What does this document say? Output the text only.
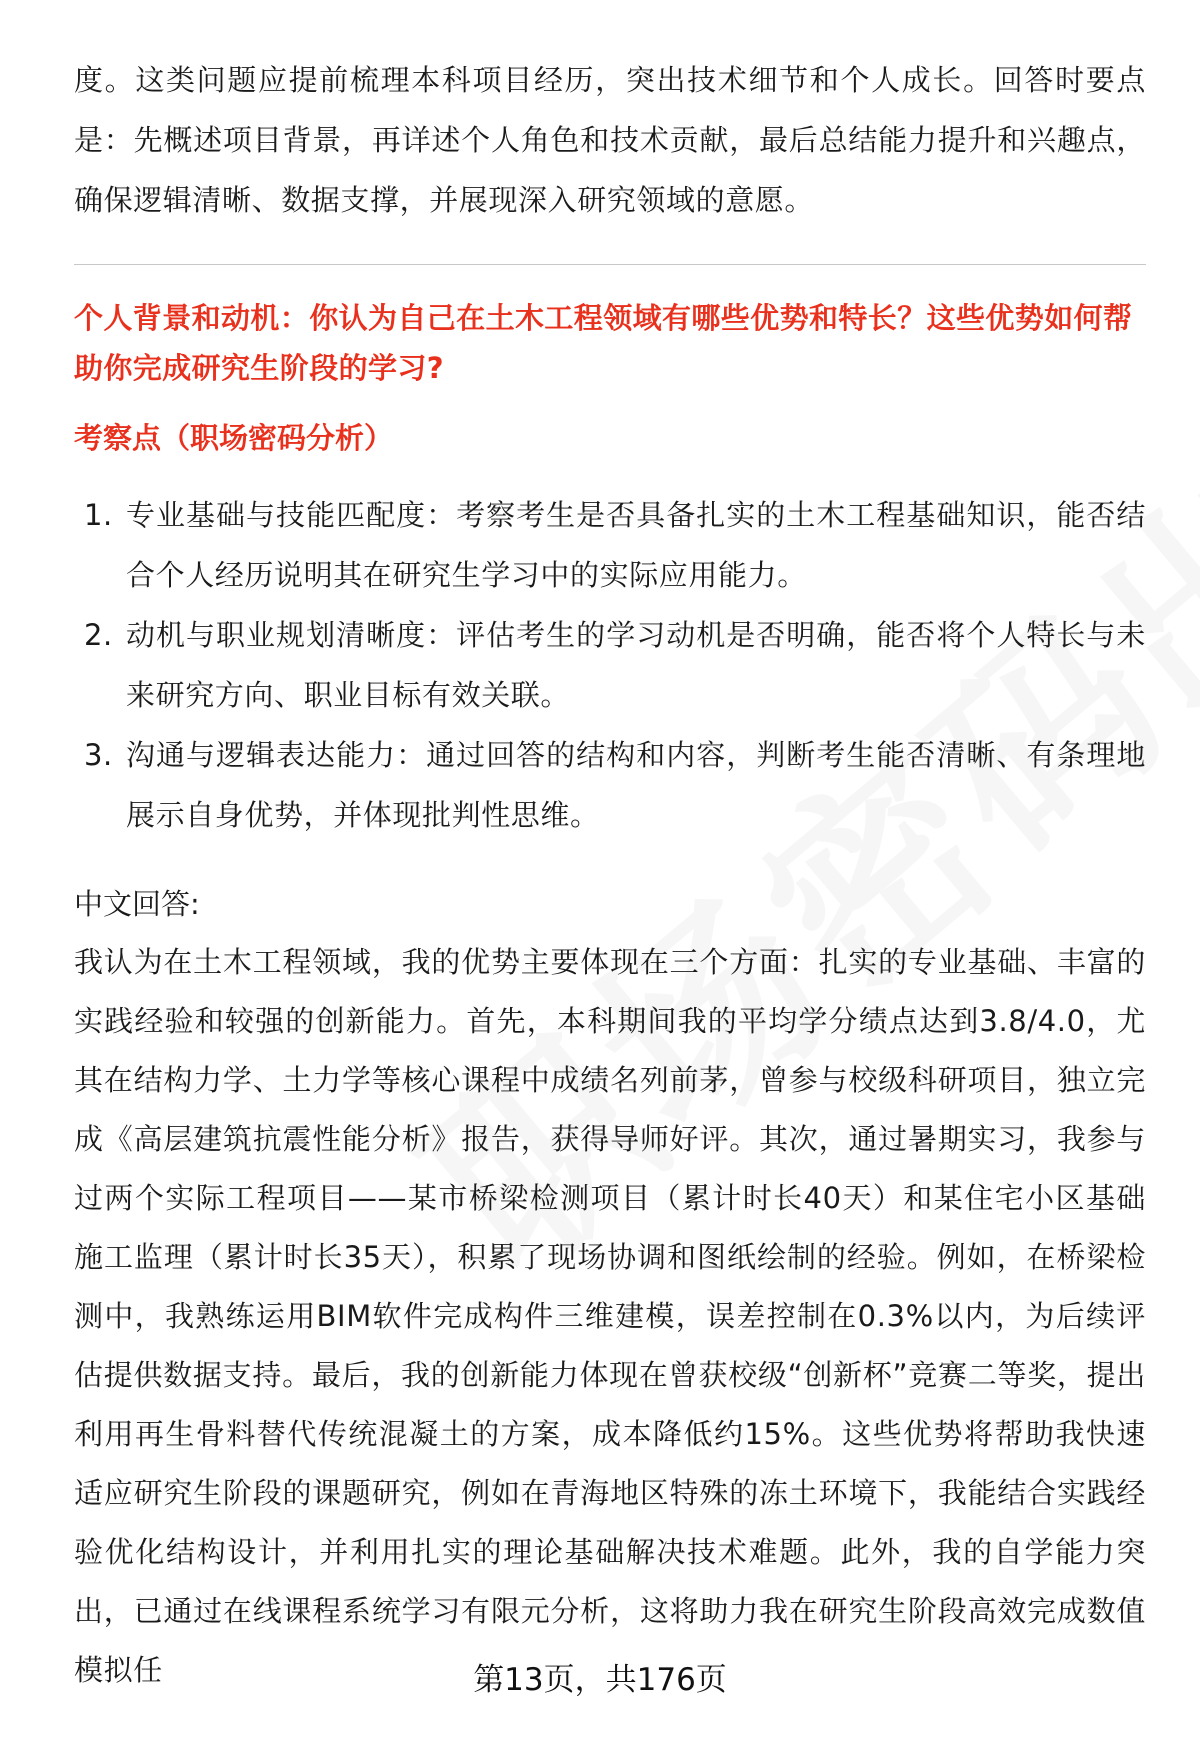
度。这类问题应提前梳理本科项目经历，突出技术细节和个人成长。回答时要点是：先概述项目背景，再详述个人角色和技术贡献，最后总结能力提升和兴趣点，确保逻辑清晰、数据支撑，并展现深入研究领域的意愿。

个人背景和动机：你认为自己在土木工程领域有哪些优势和特长？这些优势如何帮助你完成研究生阶段的学习?

考察点（职场密码分析）

1. 专业基础与技能匹配度：考察考生是否具备扎实的土木工程基础知识，能否结合个人经历说明其在研究生学习中的实际应用能力。
2. 动机与职业规划清晰度：评估考生的学习动机是否明确，能否将个人特长与未来研究方向、职业目标有效关联。
3. 沟通与逻辑表达能力：通过回答的结构和内容，判断考生能否清晰、有条理地展示自身优势，并体现批判性思维。

中文回答:

我认为在土木工程领域，我的优势主要体现在三个方面：扎实的专业基础、丰富的实践经验和较强的创新能力。首先，本科期间我的平均学分绩点达到3.8/4.0，尤其在结构力学、土力学等核心课程中成绩名列前茅，曾参与校级科研项目，独立完成《高层建筑抗震性能分析》报告，获得导师好评。其次，通过暑期实习，我参与过两个实际工程项目——某市桥梁检测项目（累计时长40天）和某住宅小区基础施工监理（累计时长35天），积累了现场协调和图纸绘制的经验。例如，在桥梁检测中，我熟练运用BIM软件完成构件三维建模，误差控制在0.3%以内，为后续评估提供数据支持。最后，我的创新能力体现在曾获校级“创新杯”竞赛二等奖，提出利用再生骨料替代传统混凝土的方案，成本降低约15%。这些优势将帮助我快速适应研究生阶段的课题研究，例如在青海地区特殊的冻土环境下，我能结合实践经验优化结构设计，并利用扎实的理论基础解决技术难题。此外，我的自学能力突出，已通过在线课程系统学习有限元分析，这将助力我在研究生阶段高效完成数值模拟任	第13页，共176页
